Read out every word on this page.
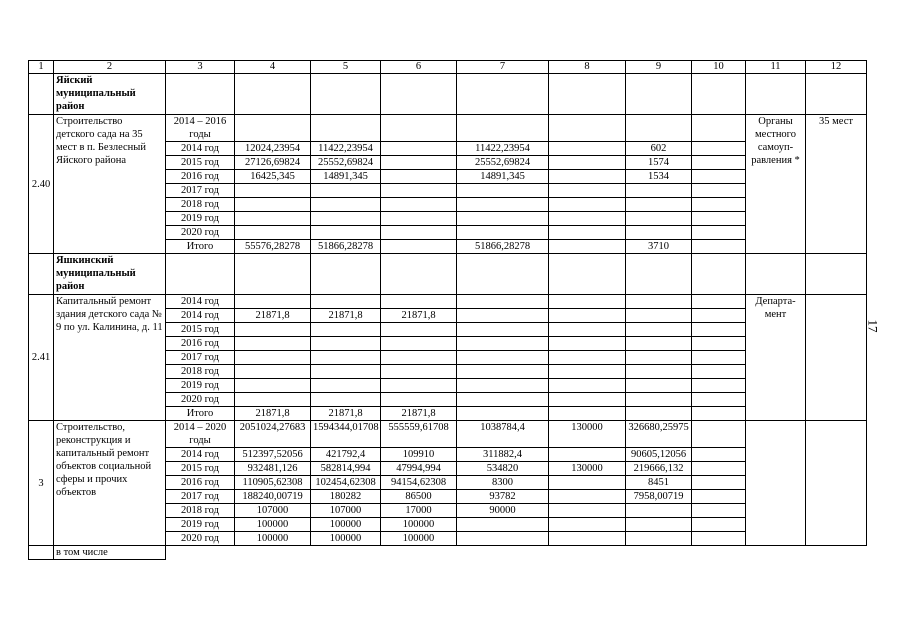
1	2	3	4	5	6	7	8	9	10	11	12
	Яйский муниципальный район										
2.40	Строительство детского сада на 35 мест в п. Безлесный Яйского района	2014 – 2016 годы								Органы местного самоуп-равления *	35 мест
		2014 год	12024,23954	11422,23954		11422,23954		602			
		2015 год	27126,69824	25552,69824		25552,69824		1574			
		2016 год	16425,345	14891,345		14891,345		1534			
		2017 год									
		2018 год									
		2019 год									
		2020 год									
		Итого	55576,28278	51866,28278		51866,28278		3710			
	Яшкинский муниципальный район										
2.41	Капитальный ремонт здания детского сада № 9 по ул. Калинина, д. 11	2014 год								Департа-мент	
		2014 год	21871,8	21871,8	21871,8						
		2015 год									
		2016 год									
		2017 год									
		2018 год									
		2019 год									
		2020 год									
		Итого	21871,8	21871,8	21871,8						
3	Строительство, реконструкция и капитальный ремонт объектов социальной сферы и прочих объектов	2014 – 2020 годы	2051024,27683	1594344,01708	555559,61708	1038784,4	130000	326680,25975			
		2014 год	512397,52056	421792,4	109910	311882,4		90605,12056			
		2015 год	932481,126	582814,994	47994,994	534820	130000	219666,132			
		2016 год	110905,62308	102454,62308	94154,62308	8300		8451			
		2017 год	188240,00719	180282	86500	93782		7958,00719			
		2018 год	107000	107000	17000	90000					
		2019 год	100000	100000	100000						
		2020 год	100000	100000	100000						
	в том числе										
17
